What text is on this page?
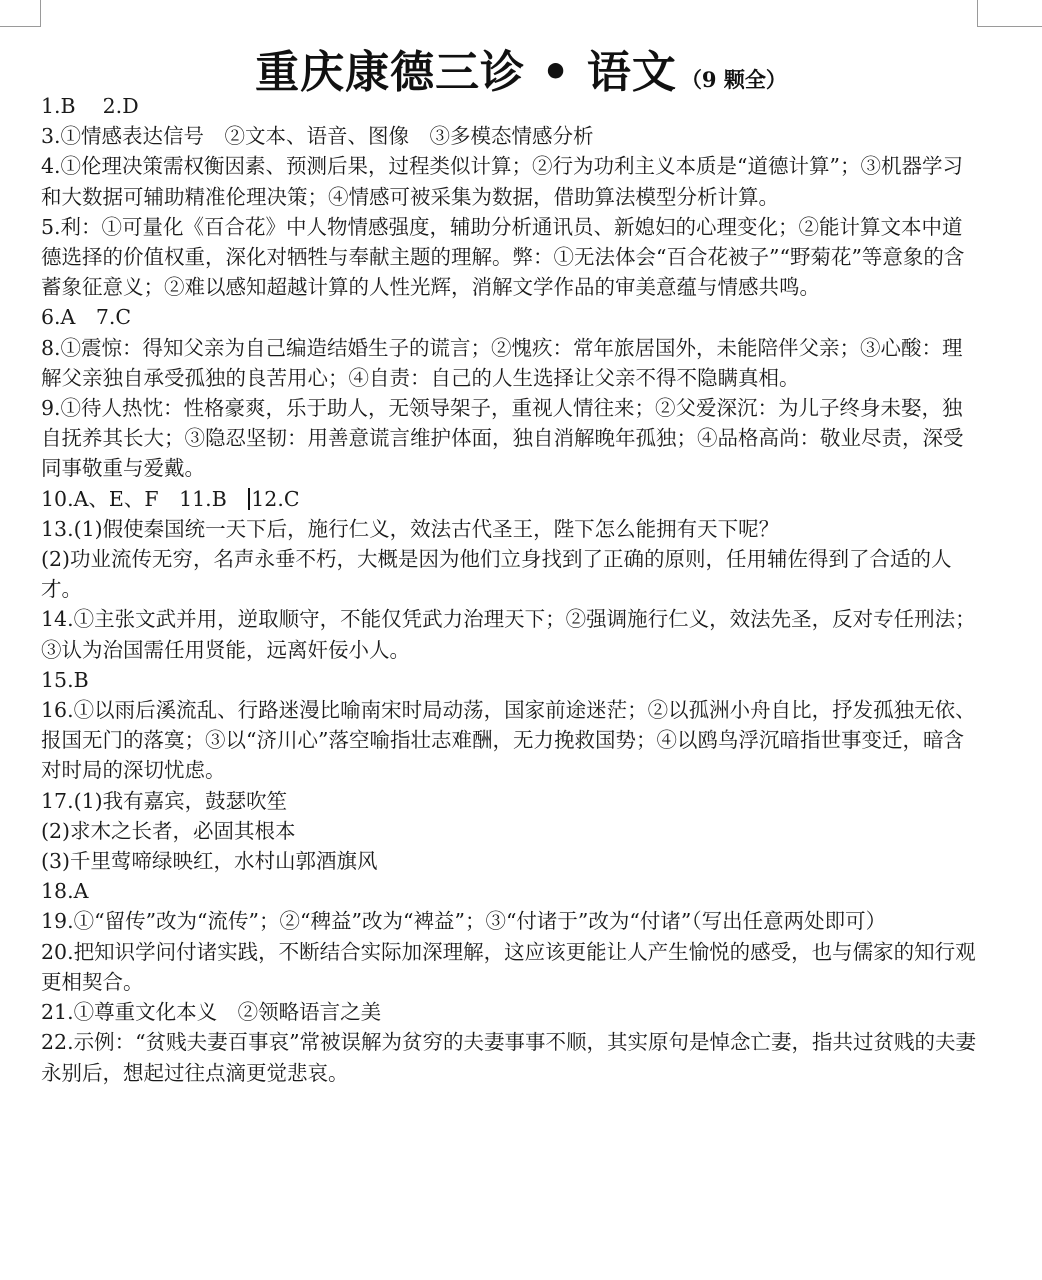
重庆康德三诊 • 语文 （9 颗全）

1.B　 2.D

3.①情感表达信号　②文本、语音、图像　③多模态情感分析

4.①伦理决策需权衡因素、预测后果，过程类似计算；②行为功利主义本质是“道德计算”；③机器学习和大数据可辅助精准伦理决策；④情感可被采集为数据，借助算法模型分析计算。

5.利：①可量化《百合花》中人物情感强度，辅助分析通讯员、新媳妇的心理变化；②能计算文本中道德选择的价值权重，深化对牺牲与奉献主题的理解。弊：①无法体会“百合花被子”“野菊花”等意象的含蓄象征意义；②难以感知超越计算的人性光辉，消解文学作品的审美意蕴与情感共鸣。

6.A　7.C

8.①震惊：得知父亲为自己编造结婚生子的谎言；②愧疚：常年旅居国外，未能陪伴父亲；③心酸：理解父亲独自承受孤独的良苦用心；④自责：自己的人生选择让父亲不得不隐瞒真相。

9.①待人热忱：性格豪爽，乐于助人，无领导架子，重视人情往来；②父爱深沉：为儿子终身未娶，独自抚养其长大；③隐忍坚韧：用善意谎言维护体面，独自消解晚年孤独；④品格高尚：敬业尽责，深受同事敬重与爱戴。

10.A、E、F　11.B　12.C

13.(1)假使秦国统一天下后，施行仁义，效法古代圣王，陛下怎么能拥有天下呢？

(2)功业流传无穷，名声永垂不朽，大概是因为他们立身找到了正确的原则，任用辅佐得到了合适的人才。

14.①主张文武并用，逆取顺守，不能仅凭武力治理天下；②强调施行仁义，效法先圣，反对专任刑法；③认为治国需任用贤能，远离奸佞小人。

15.B

16.①以雨后溪流乱、行路迷漫比喻南宋时局动荡，国家前途迷茫；②以孤洲小舟自比，抒发孤独无依、报国无门的落寞；③以“济川心”落空喻指壮志难酬，无力挽救国势；④以鸥鸟浮沉暗指世事变迁，暗含对时局的深切忧虑。

17.(1)我有嘉宾，鼓瑟吹笙

(2)求木之长者，必固其根本

(3)千里莺啼绿映红，水村山郭酒旗风

18.A

19.①“留传”改为“流传”；②“稗益”改为“裨益”；③“付诸于”改为“付诸”（写出任意两处即可）

20.把知识学问付诸实践，不断结合实际加深理解，这应该更能让人产生愉悦的感受，也与儒家的知行观更相契合。

21.①尊重文化本义　②领略语言之美

22.示例：“贫贱夫妻百事哀”常被误解为贫穷的夫妻事事不顺，其实原句是悼念亡妻，指共过贫贱的夫妻永别后，想起过往点滴更觉悲哀。
